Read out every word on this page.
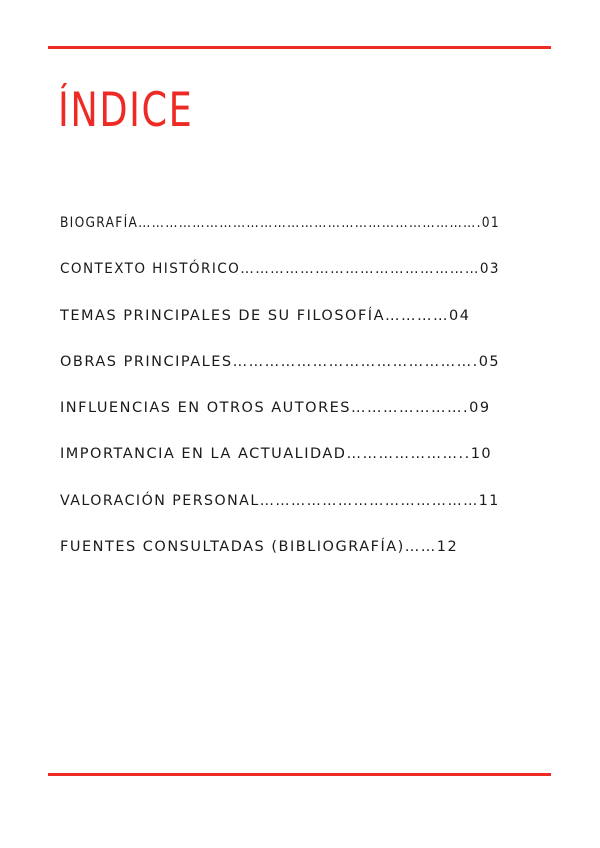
ÍNDICE
BIOGRAFÍA………………………………………………………………….01
CONTEXTO HISTÓRICO…………………………………………03
TEMAS PRINCIPALES DE SU FILOSOFÍA…………04
OBRAS PRINCIPALES……………………………………….05
INFLUENCIAS EN OTROS AUTORES………………….09
IMPORTANCIA EN LA ACTUALIDAD…………………..10
VALORACIÓN PERSONAL……………………………………11
FUENTES CONSULTADAS (BIBLIOGRAFÍA)……12
